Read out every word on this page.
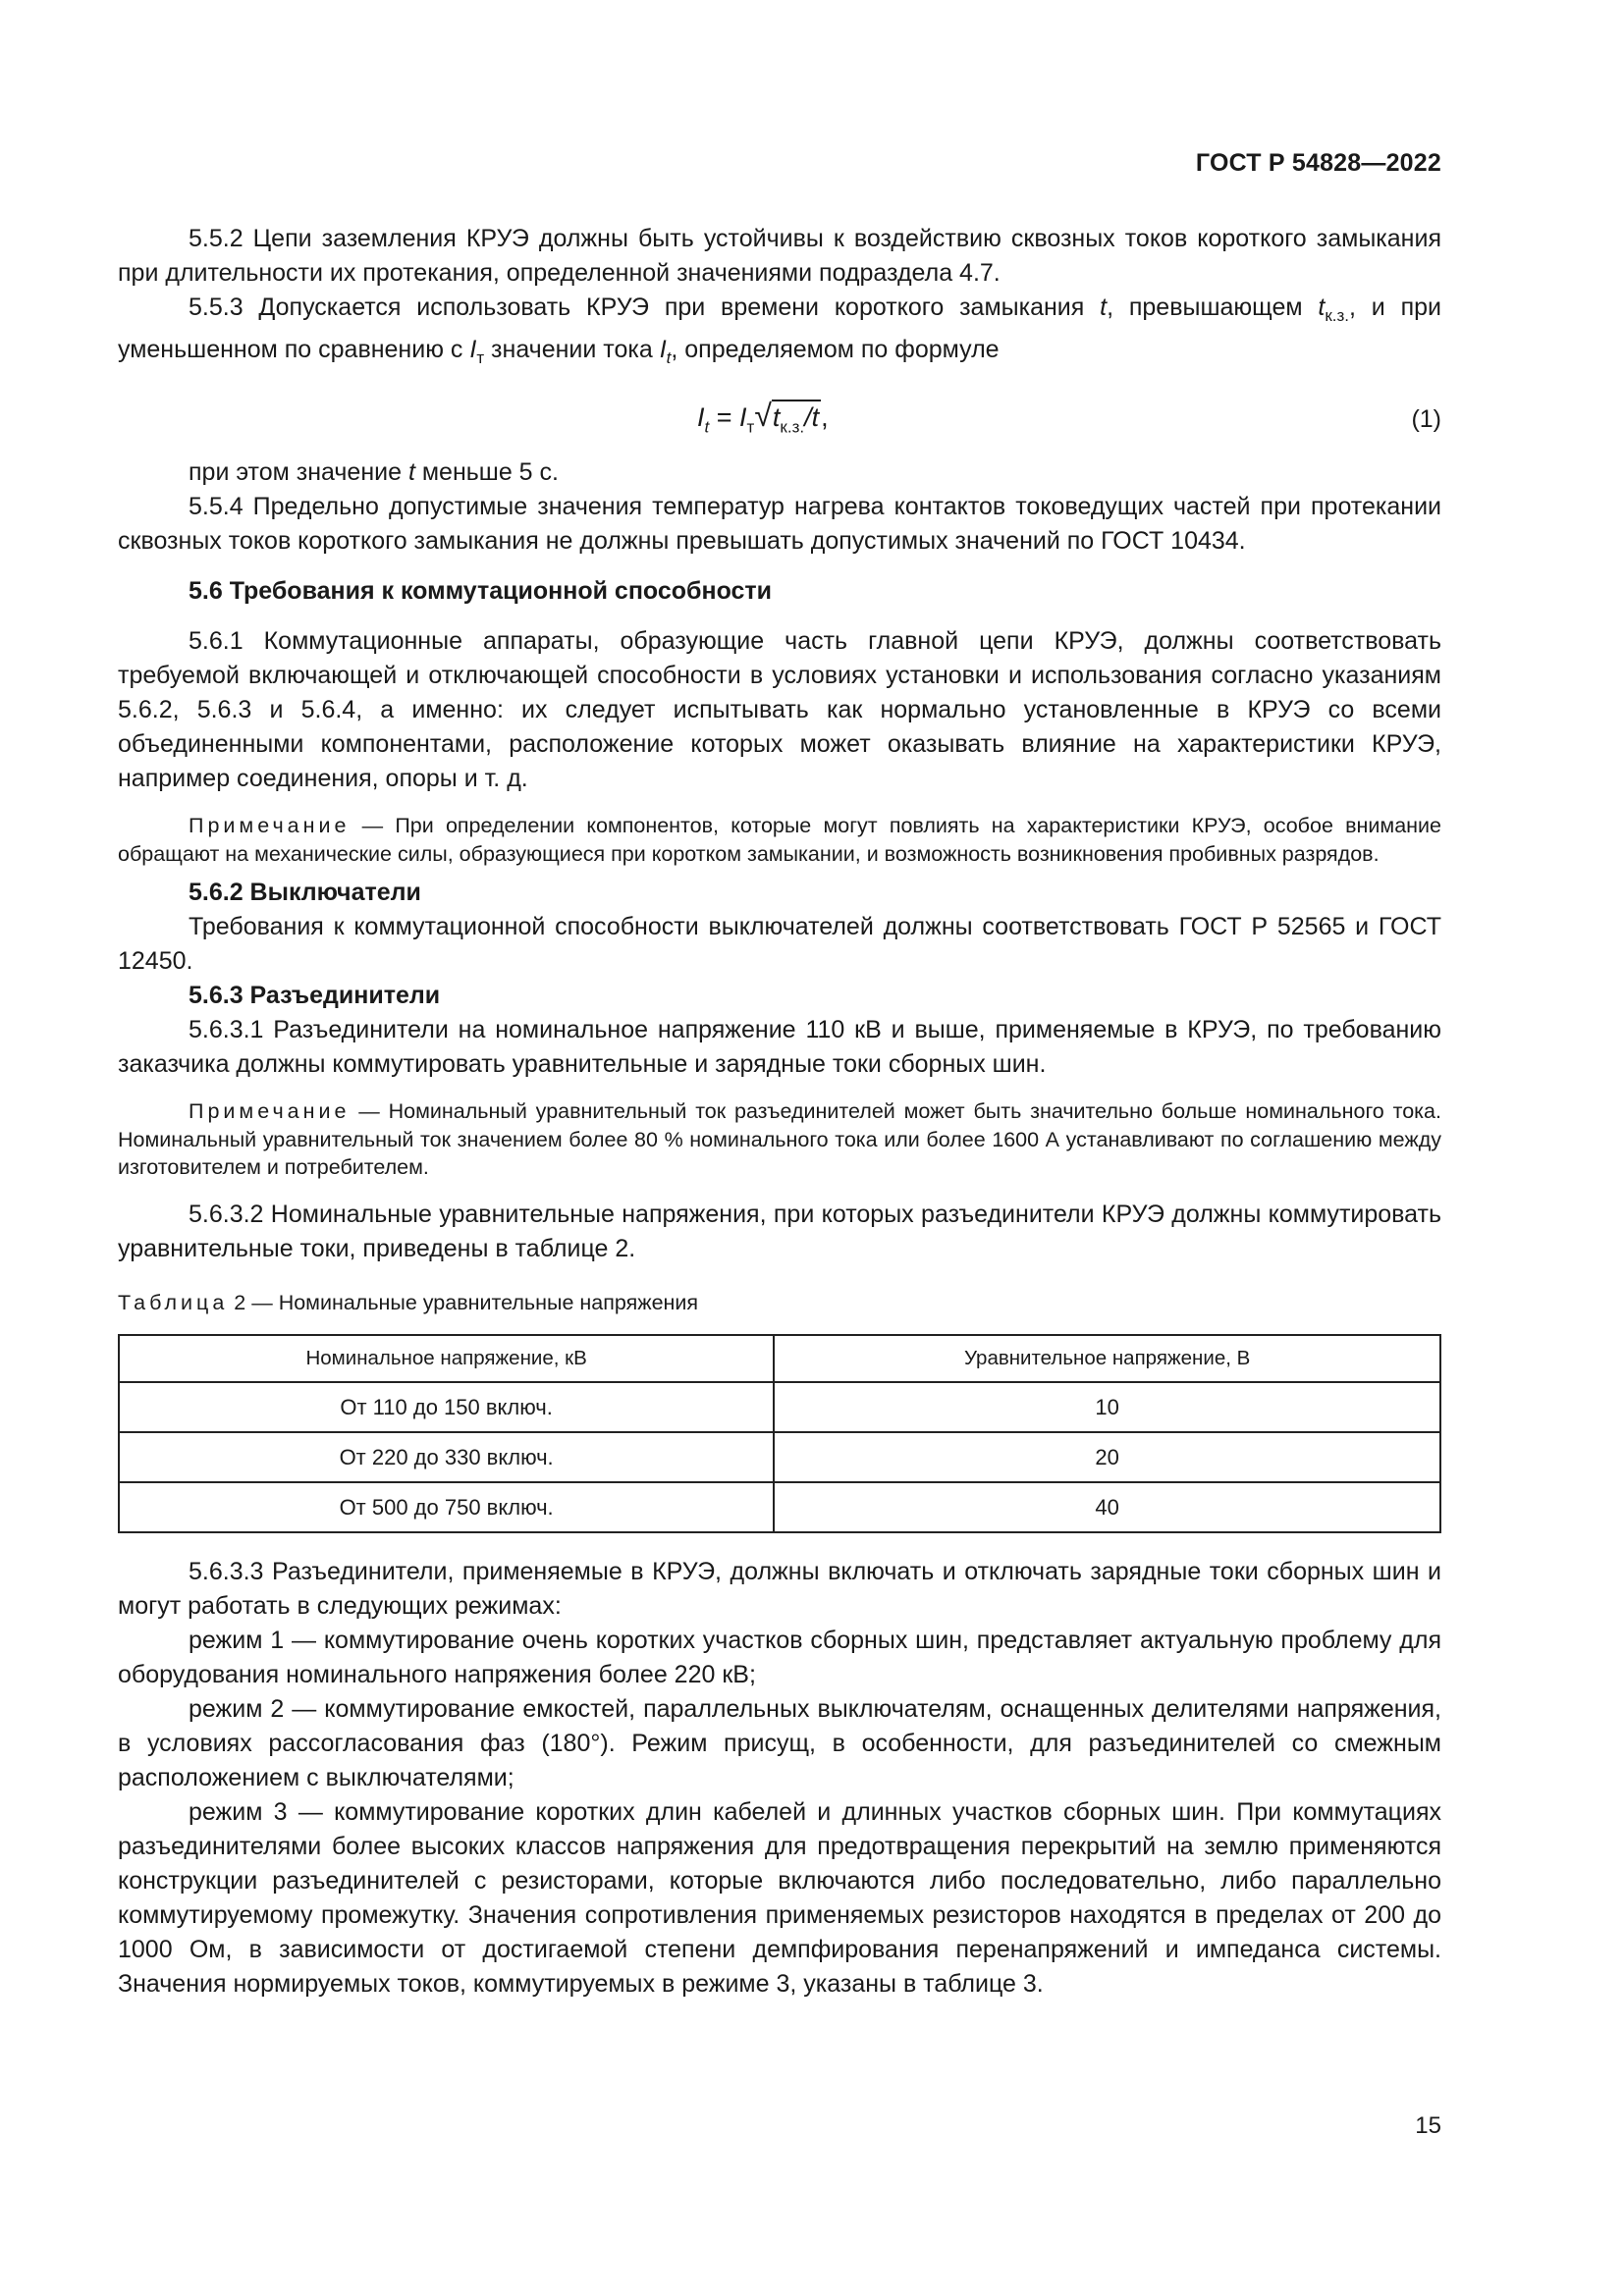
ГОСТ Р 54828—2022

5.5.2 Цепи заземления КРУЭ должны быть устойчивы к воздействию сквозных токов короткого замыкания при длительности их протекания, определенной значениями подраздела 4.7.

5.5.3 Допускается использовать КРУЭ при времени короткого замыкания t, превышающем $t_{к.з.}$, и при уменьшенном по сравнению с $I_т$ значении тока $I_t$, определяемом по формуле

$I_t = I_т√t_{к.з.}/t$,	(1)

при этом значение t меньше 5 с.

5.5.4 Предельно допустимые значения температур нагрева контактов токоведущих частей при протекании сквозных токов короткого замыкания не должны превышать допустимых значений по ГОСТ 10434.

5.6 Требования к коммутационной способности

5.6.1 Коммутационные аппараты, образующие часть главной цепи КРУЭ, должны соответствовать требуемой включающей и отключающей способности в условиях установки и использования согласно указаниям 5.6.2, 5.6.3 и 5.6.4, а именно: их следует испытывать как нормально установленные в КРУЭ со всеми объединенными компонентами, расположение которых может оказывать влияние на характеристики КРУЭ, например соединения, опоры и т. д.

Примечание — При определении компонентов, которые могут повлиять на характеристики КРУЭ, особое внимание обращают на механические силы, образующиеся при коротком замыкании, и возможность возникновения пробивных разрядов.

5.6.2 Выключатели

Требования к коммутационной способности выключателей должны соответствовать ГОСТ Р 52565 и ГОСТ 12450.

5.6.3 Разъединители

5.6.3.1 Разъединители на номинальное напряжение 110 кВ и выше, применяемые в КРУЭ, по требованию заказчика должны коммутировать уравнительные и зарядные токи сборных шин.

Примечание — Номинальный уравнительный ток разъединителей может быть значительно больше номинального тока. Номинальный уравнительный ток значением более 80 % номинального тока или более 1600 А устанавливают по соглашению между изготовителем и потребителем.

5.6.3.2 Номинальные уравнительные напряжения, при которых разъединители КРУЭ должны коммутировать уравнительные токи, приведены в таблице 2.

Таблица 2 — Номинальные уравнительные напряжения

Номинальное напряжение, кВ	Уравнительное напряжение, В
От 110 до 150 включ.	10
От 220 до 330 включ.	20
От 500 до 750 включ.	40

5.6.3.3 Разъединители, применяемые в КРУЭ, должны включать и отключать зарядные токи сборных шин и могут работать в следующих режимах:

режим 1 — коммутирование очень коротких участков сборных шин, представляет актуальную проблему для оборудования номинального напряжения более 220 кВ;

режим 2 — коммутирование емкостей, параллельных выключателям, оснащенных делителями напряжения, в условиях рассогласования фаз (180°). Режим присущ, в особенности, для разъединителей со смежным расположением с выключателями;

режим 3 — коммутирование коротких длин кабелей и длинных участков сборных шин. При коммутациях разъединителями более высоких классов напряжения для предотвращения перекрытий на землю применяются конструкции разъединителей с резисторами, которые включаются либо последовательно, либо параллельно коммутируемому промежутку. Значения сопротивления применяемых резисторов находятся в пределах от 200 до 1000 Ом, в зависимости от достигаемой степени демпфирования перенапряжений и импеданса системы. Значения нормируемых токов, коммутируемых в режиме 3, указаны в таблице 3.

15
